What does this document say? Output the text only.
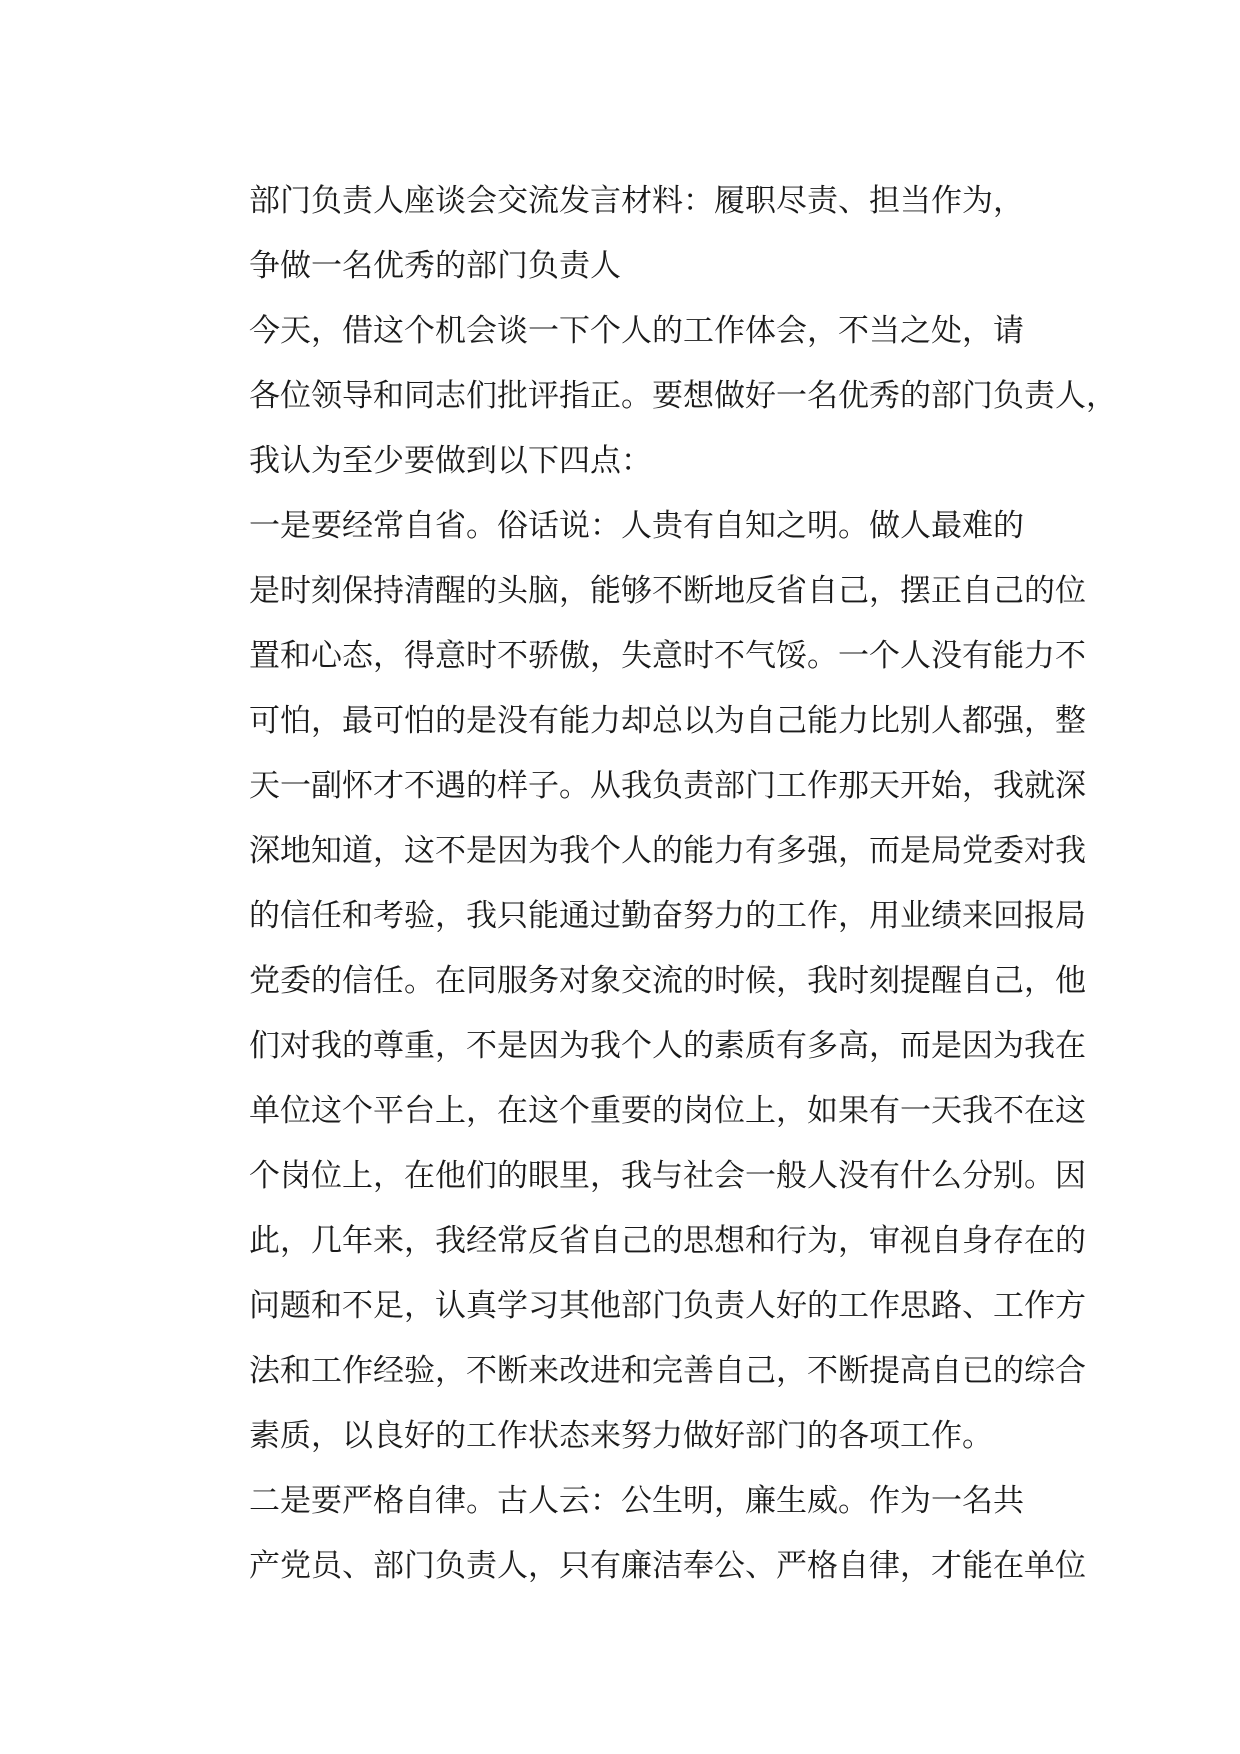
部门负责人座谈会交流发言材料：履职尽责、担当作为，
争做一名优秀的部门负责人

今天，借这个机会谈一下个人的工作体会，不当之处，请
各位领导和同志们批评指正。要想做好一名优秀的部门负责人，
我认为至少要做到以下四点：

一是要经常自省。俗话说：人贵有自知之明。做人最难的
是时刻保持清醒的头脑，能够不断地反省自己，摆正自己的位
置和心态，得意时不骄傲，失意时不气馁。一个人没有能力不
可怕，最可怕的是没有能力却总以为自己能力比别人都强，整
天一副怀才不遇的样子。从我负责部门工作那天开始，我就深
深地知道，这不是因为我个人的能力有多强，而是局党委对我
的信任和考验，我只能通过勤奋努力的工作，用业绩来回报局
党委的信任。在同服务对象交流的时候，我时刻提醒自己，他
们对我的尊重，不是因为我个人的素质有多高，而是因为我在
单位这个平台上，在这个重要的岗位上，如果有一天我不在这
个岗位上，在他们的眼里，我与社会一般人没有什么分别。因
此，几年来，我经常反省自己的思想和行为，审视自身存在的
问题和不足，认真学习其他部门负责人好的工作思路、工作方
法和工作经验，不断来改进和完善自己，不断提高自已的综合
素质，以良好的工作状态来努力做好部门的各项工作。

二是要严格自律。古人云：公生明，廉生威。作为一名共
产党员、部门负责人，只有廉洁奉公、严格自律，才能在单位
